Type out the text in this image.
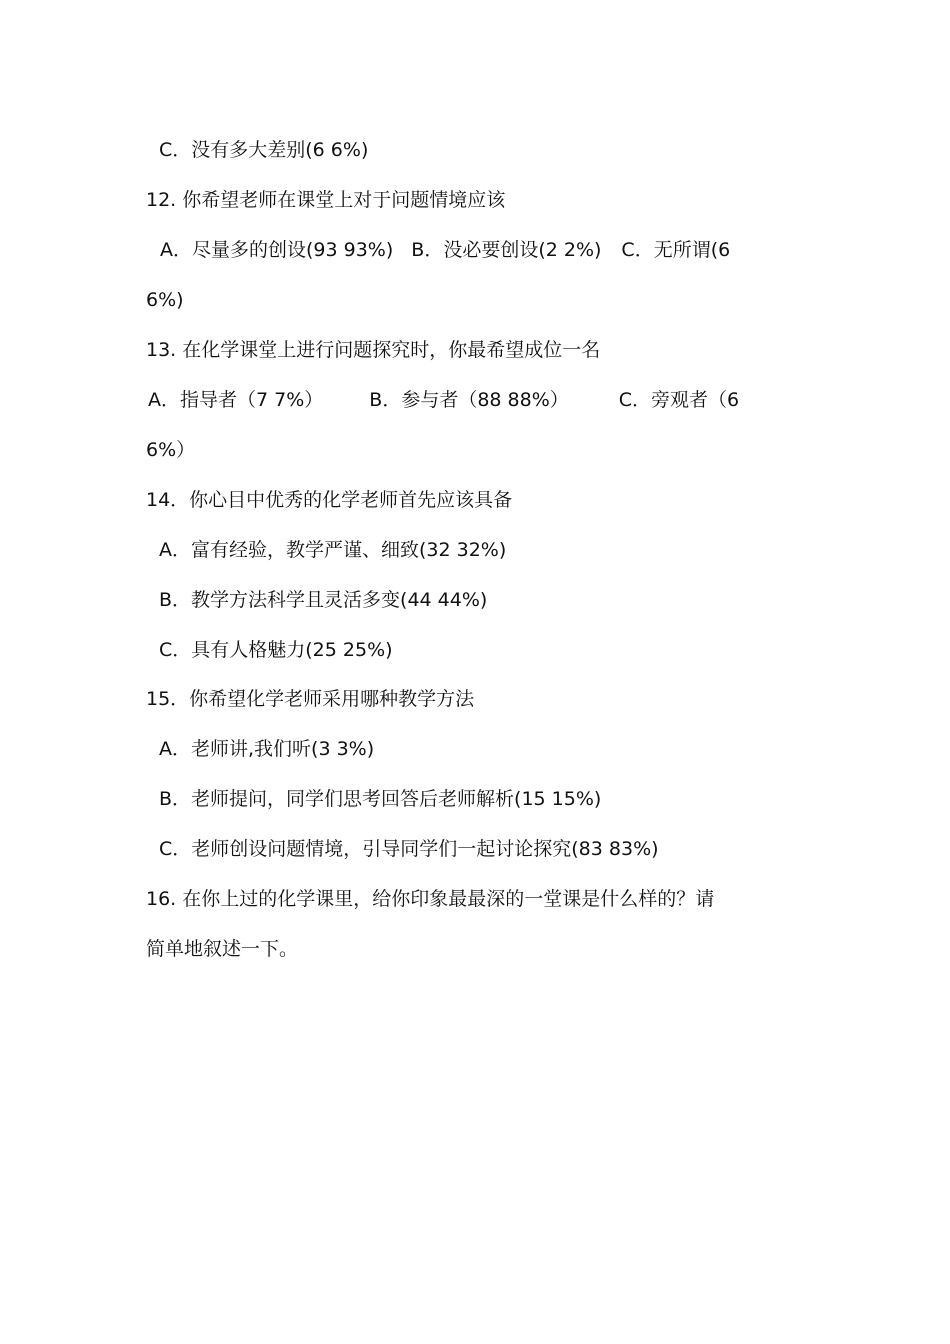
C．没有多大差别(6 6%)
12. 你希望老师在课堂上对于问题情境应该
A．尽量多的创设(93 93%) B．没必要创设(2 2%) C．无所谓(6
6%)
13. 在化学课堂上进行问题探究时，你最希望成位一名
A．指导者（7 7%） B．参与者（88 88%）	C．旁观者（6
6%）
14．你心目中优秀的化学老师首先应该具备
A．富有经验，教学严谨、细致(32 32%)
B．教学方法科学且灵活多变(44 44%)
C．具有人格魅力(25 25%)
15．你希望化学老师采用哪种教学方法
A．老师讲,我们听(3 3%)
B．老师提问，同学们思考回答后老师解析(15 15%)
C．老师创设问题情境，引导同学们一起讨论探究(83 83%)
16. 在你上过的化学课里，给你印象最最深的一堂课是什么样的？请
简单地叙述一下。
